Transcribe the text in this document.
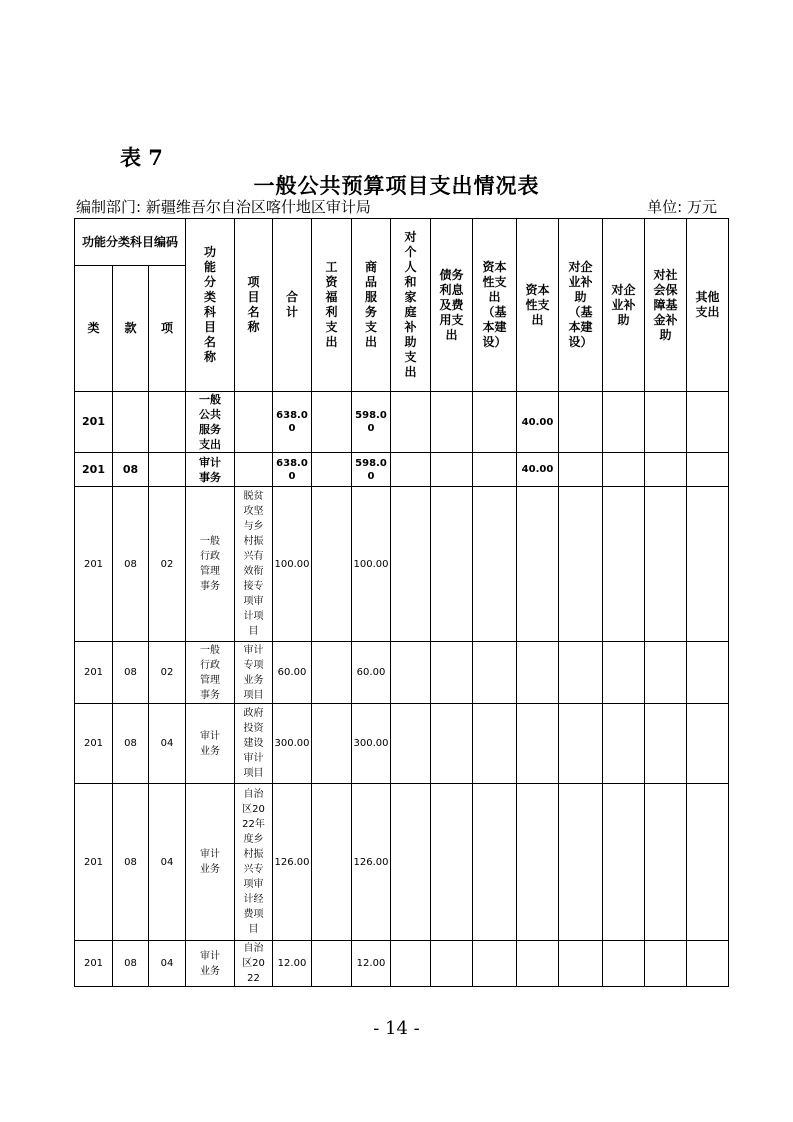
表 7
一般公共预算项目支出情况表
编制部门: 新疆维吾尔自治区喀什地区审计局	单位: 万元
功能分类科目编码			功能分类科目名称	项目名称	合计	工资福利支出	商品服务支出	对个人和家庭补助支出	债务利息及费用支出	资本性支出（基本建设）	资本性支出	对企业补助（基本建设）	对企业补助	对社会保障基金补助	其他支出
类	款	项													
201			一般公共服务支出		638.00		598.00				40.00				
201	08		审计事务		638.00		598.00				40.00				
201	08	02	一般行政管理事务	脱贫攻坚与乡村振兴有效衔接专项审计项目	100.00		100.00								
201	08	02	一般行政管理事务	审计专项业务项目	60.00		60.00								
201	08	04	审计业务	政府投资建设审计项目	300.00		300.00								
201	08	04	审计业务	自治区2022年度乡村振兴专项审计经费项目	126.00		126.00								
201	08	04	审计业务	自治区2022	12.00		12.00								
- 14 -
